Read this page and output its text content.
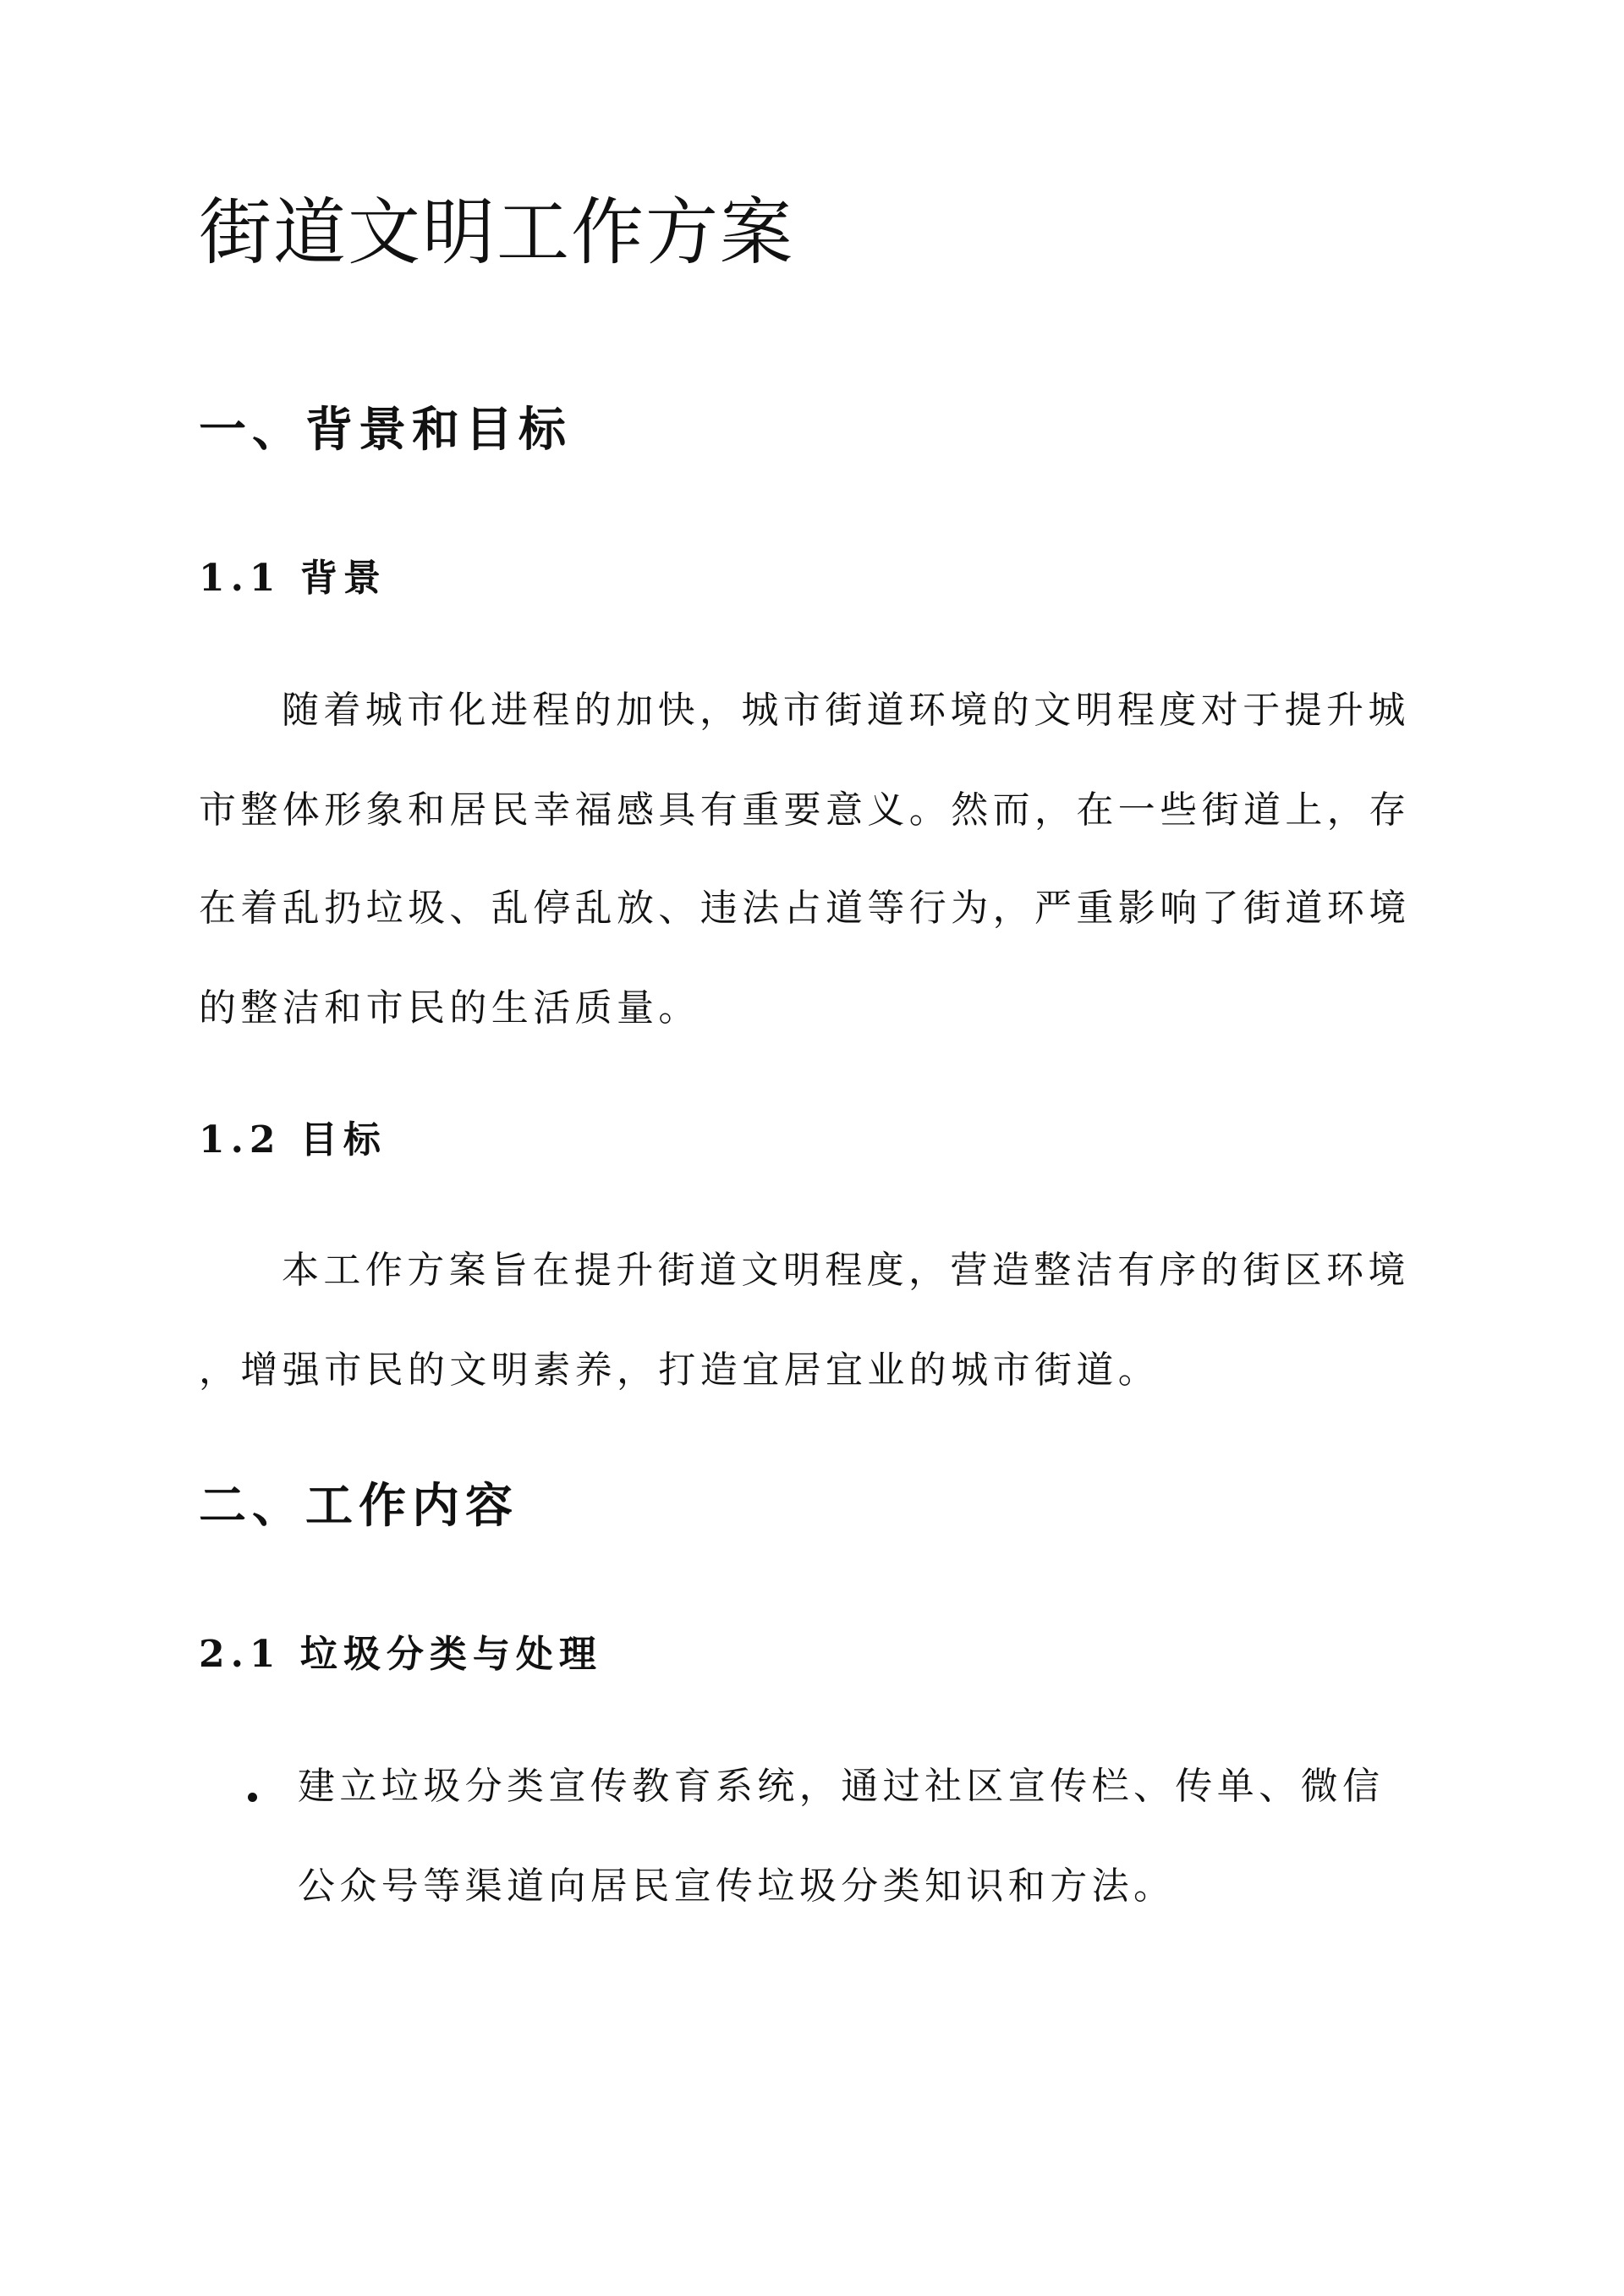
街道文明工作方案
一、背景和目标
1.1 背景

随着城市化进程的加快，城市街道环境的文明程度对于提升城

市整体形象和居民幸福感具有重要意义。然而，在一些街道上，存

在着乱扔垃圾、乱停乱放、违法占道等行为，严重影响了街道环境

的整洁和市民的生活质量。

1.2 目标

本工作方案旨在提升街道文明程度，营造整洁有序的街区环境

，增强市民的文明素养，打造宜居宜业的城市街道。

二、工作内容
2.1 垃圾分类与处理

建立垃圾分类宣传教育系统，通过社区宣传栏、传单、微信

公众号等渠道向居民宣传垃圾分类知识和方法。
